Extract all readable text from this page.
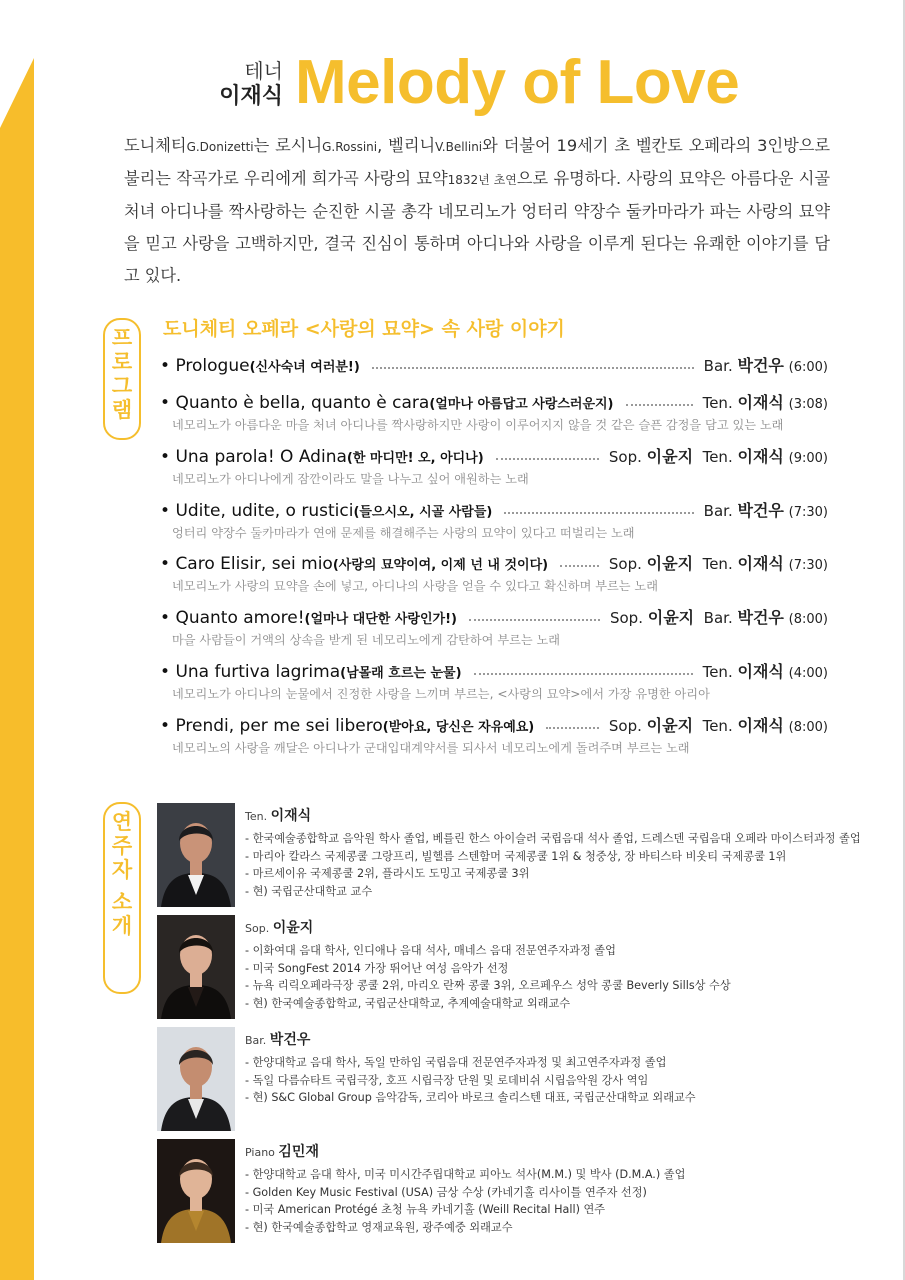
테너
이재식 Melody of Love
도니체티G.Donizetti는 로시니G.Rossini, 벨리니V.Bellini와 더불어 19세기 초 벨칸토 오페라의 3인방으로 불리는 작곡가로 우리에게 희가곡 사랑의 묘약1832년 초연으로 유명하다. 사랑의 묘약은 아름다운 시골 처녀 아디나를 짝사랑하는 순진한 시골 총각 네모리노가 엉터리 약장수 둘카마라가 파는 사랑의 묘약을 믿고 사랑을 고백하지만, 결국 진심이 통하며 아디나와 사랑을 이루게 된다는 유쾌한 이야기를 담고 있다.
프
로
그
램
도니체티 오페라 <사랑의 묘약> 속 사랑 이야기
• Prologue(신사숙녀 여러분!)	Bar. 박건우 (6:00)
• Quanto è bella, quanto è cara(얼마나 아름답고 사랑스러운지)	Ten. 이재식 (3:08)
네모리노가 아름다운 마을 처녀 아디나를 짝사랑하지만 사랑이 이루어지지 않을 것 같은 슬픈 감정을 담고 있는 노래
• Una parola! O Adina(한 마디만! 오, 아디나)	Sop. 이윤지 Ten. 이재식 (9:00)
네모리노가 아디나에게 잠깐이라도 말을 나누고 싶어 애원하는 노래
• Udite, udite, o rustici(들으시오, 시골 사람들)	Bar. 박건우 (7:30)
엉터리 약장수 둘카마라가 연애 문제를 해결해주는 사랑의 묘약이 있다고 떠벌리는 노래
• Caro Elisir, sei mio(사랑의 묘약이여, 이제 넌 내 것이다)	Sop. 이윤지 Ten. 이재식 (7:30)
네모리노가 사랑의 묘약을 손에 넣고, 아디나의 사랑을 얻을 수 있다고 확신하며 부르는 노래
• Quanto amore!(얼마나 대단한 사랑인가!)	Sop. 이윤지 Bar. 박건우 (8:00)
마을 사람들이 거액의 상속을 받게 된 네모리노에게 감탄하여 부르는 노래
• Una furtiva lagrima(남몰래 흐르는 눈물)	Ten. 이재식 (4:00)
네모리노가 아디나의 눈물에서 진정한 사랑을 느끼며 부르는, <사랑의 묘약>에서 가장 유명한 아리아
• Prendi, per me sei libero(받아요, 당신은 자유예요)	Sop. 이윤지 Ten. 이재식 (8:00)
네모리노의 사랑을 깨달은 아디나가 군대입대계약서를 되사서 네모리노에게 돌려주며 부르는 노래
연
주
자
소
개
Ten. 이재식
- 한국예술종합학교 음악원 학사 졸업, 베를린 한스 아이슬러 국립음대 석사 졸업, 드레스덴 국립음대 오페라 마이스터과정 졸업
- 마리아 칼라스 국제콩쿨 그랑프리, 빌헬름 스텐함머 국제콩쿨 1위 & 청중상, 장 바티스타 비옷티 국제콩쿨 1위
- 마르세이유 국제콩쿨 2위, 플라시도 도밍고 국제콩쿨 3위
- 현) 국립군산대학교 교수
Sop. 이윤지
- 이화여대 음대 학사, 인디애나 음대 석사, 매네스 음대 전문연주자과정 졸업
- 미국 SongFest 2014 가장 뛰어난 여성 음악가 선정
- 뉴욕 리릭오페라극장 콩쿨 2위, 마리오 란짜 콩쿨 3위, 오르페우스 성악 콩쿨 Beverly Sills상 수상
- 현) 한국예술종합학교, 국립군산대학교, 추계예술대학교 외래교수
Bar. 박건우
- 한양대학교 음대 학사, 독일 만하임 국립음대 전문연주자과정 및 최고연주자과정 졸업
- 독일 다름슈타트 국립극장, 호프 시립극장 단원 및 로데비쉬 시립음악원 강사 역임
- 현) S&C Global Group 음악감독, 코리아 바로크 솔리스텐 대표, 국립군산대학교 외래교수
Piano 김민재
- 한양대학교 음대 학사, 미국 미시간주립대학교 피아노 석사(M.M.) 및 박사 (D.M.A.) 졸업
- Golden Key Music Festival (USA) 금상 수상 (카네기홀 리사이틀 연주자 선정)
- 미국 American Protégé 초청 뉴욕 카네기홀 (Weill Recital Hall) 연주
- 현) 한국예술종합학교 영재교육원, 광주예중 외래교수
